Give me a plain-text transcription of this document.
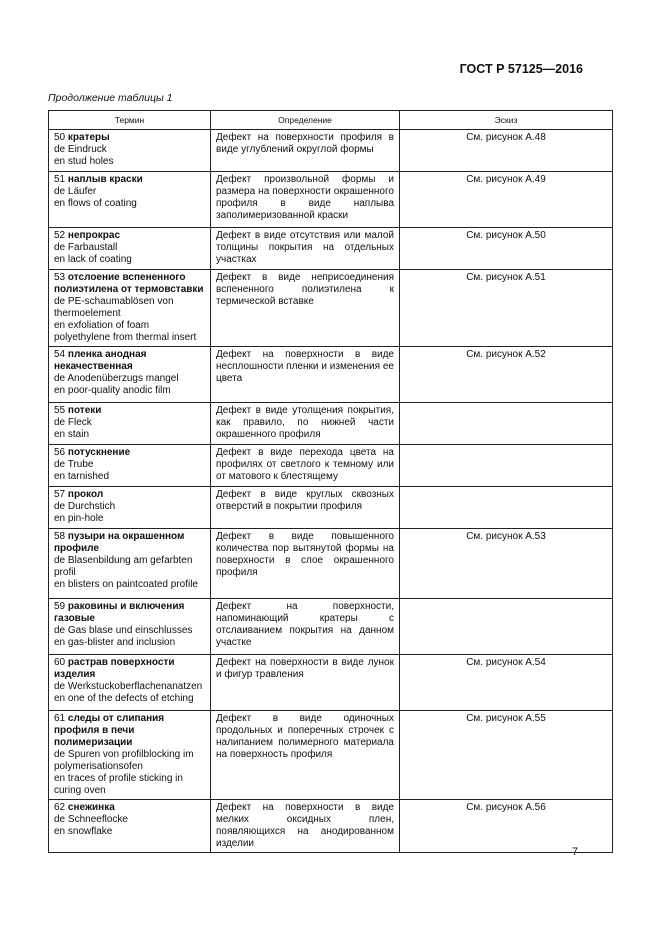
ГОСТ Р 57125—2016
Продолжение таблицы 1
Термин	Определение	Эскиз

50 кратеры
de Eindruck
en stud holes	Дефект на поверхности профиля в виде углублений округлой формы	См. рисунок А.48

51 наплыв краски
de Läufer
en flows of coating	Дефект произвольной формы и размера на поверхности окрашенного профиля в виде наплыва заполимеризованной краски	См. рисунок А.49

52 непрокрас
de Farbaustall
en lack of coating	Дефект в виде отсутствия или малой толщины покрытия на отдельных участках	См. рисунок А.50

53 отслоение вспененного полиэтилена от термовставки
de PE-schaumablösen von thermoelement
en exfoliation of foam polyethylene from thermal insert	Дефект в виде неприсоединения вспененного полиэтилена к термической вставке	См. рисунок А.51

54 пленка анодная некачественная
de Anodenüberzugs mangel
en poor-quality anodic film	Дефект на поверхности в виде несплошности пленки и изменения ее цвета	См. рисунок А.52

55 потеки
de Fleck
en stain	Дефект в виде утолщения покрытия, как правило, по нижней части окрашенного профиля	

56 потускнение
de Trube
en tarnished	Дефект в виде перехода цвета на профилях от светлого к темному или от матового к блестящему	

57 прокол
de Durchstich
en pin-hole	Дефект в виде круглых сквозных отверстий в покрытии профиля	

58 пузыри на окрашенном профиле
de Blasenbildung am gefarbten profil
en blisters on paintcoated profile	Дефект в виде повышенного количества пор вытянутой формы на поверхности в слое окрашенного профиля	См. рисунок А.53

59 раковины и включения газовые
de Gas blase und einschlusses
en gas-blister and inclusion	Дефект на поверхности, напоминающий кратеры с отслаиванием покрытия на данном участке	

60 растрав поверхности изделия
de Werkstuckoberflachenanatzen
en one of the defects of etching	Дефект на поверхности в виде лунок и фигур травления	См. рисунок А.54

61 следы от слипания профиля в печи полимеризации
de Spuren von profilblocking im polymerisationsofen
en traces of profile sticking in curing oven	Дефект в виде одиночных продольных и поперечных строчек с налипанием полимерного материала на поверхность профиля	См. рисунок А.55

62 снежинка
de Schneeflocke
en snowflake	Дефект на поверхности в виде мелких оксидных плен, появляющихся на анодированном изделии	См. рисунок А.56
7
